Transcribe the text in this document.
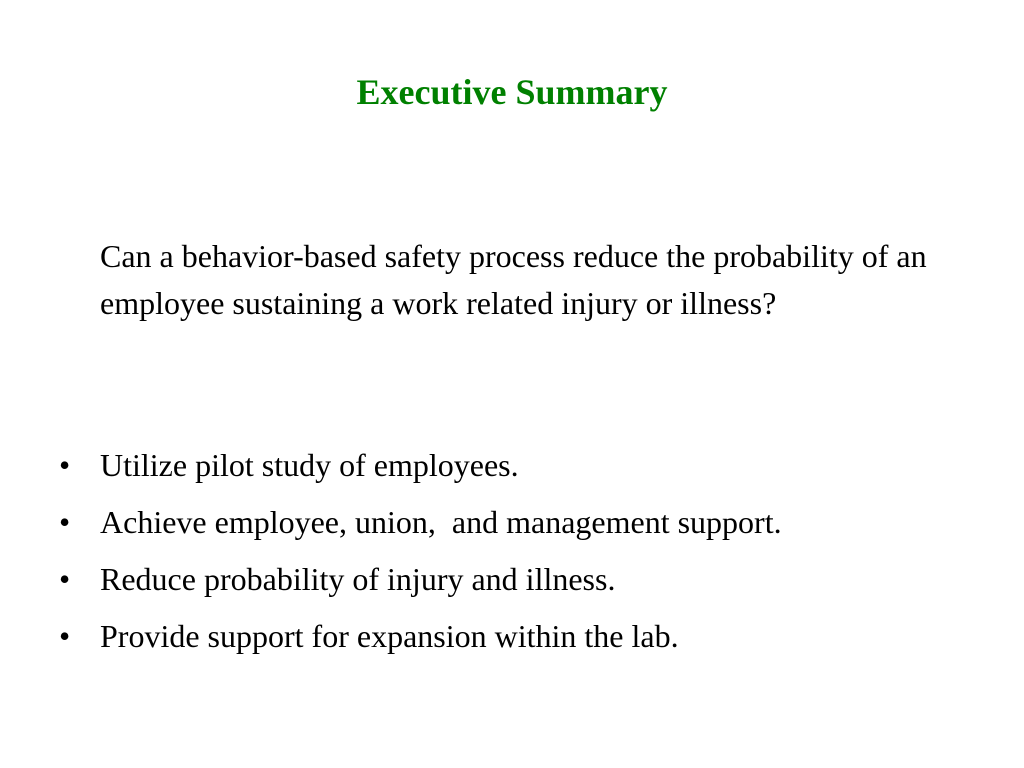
Executive Summary
Can a behavior-based safety process reduce the probability of an employee sustaining a work related injury or illness?
• Utilize pilot study of employees.
• Achieve employee, union,  and management support.
• Reduce probability of injury and illness.
• Provide support for expansion within the lab.
